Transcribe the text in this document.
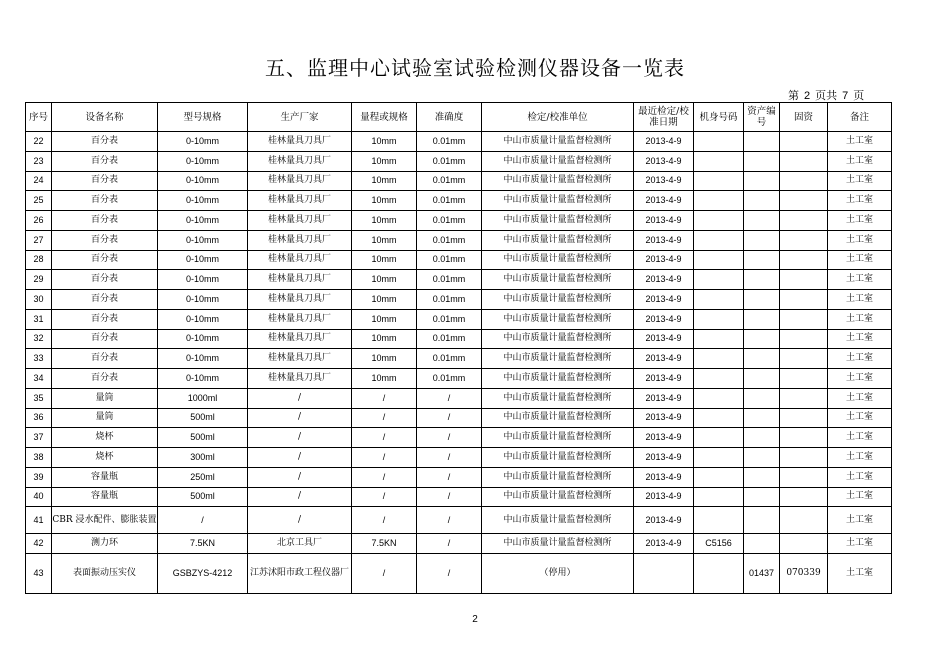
五、监理中心试验室试验检测仪器设备一览表
第 2 页共 7 页
序号	设备名称	型号规格	生产厂家	量程或规格	准确度	检定/校准单位	最近检定/校准日期	机身号码	资产编号	固资	备注
22	百分表	0-10mm	桂林量具刀具厂	10mm	0.01mm	中山市质量计量监督检测所	2013-4-9				土工室
23	百分表	0-10mm	桂林量具刀具厂	10mm	0.01mm	中山市质量计量监督检测所	2013-4-9				土工室
24	百分表	0-10mm	桂林量具刀具厂	10mm	0.01mm	中山市质量计量监督检测所	2013-4-9				土工室
25	百分表	0-10mm	桂林量具刀具厂	10mm	0.01mm	中山市质量计量监督检测所	2013-4-9				土工室
26	百分表	0-10mm	桂林量具刀具厂	10mm	0.01mm	中山市质量计量监督检测所	2013-4-9				土工室
27	百分表	0-10mm	桂林量具刀具厂	10mm	0.01mm	中山市质量计量监督检测所	2013-4-9				土工室
28	百分表	0-10mm	桂林量具刀具厂	10mm	0.01mm	中山市质量计量监督检测所	2013-4-9				土工室
29	百分表	0-10mm	桂林量具刀具厂	10mm	0.01mm	中山市质量计量监督检测所	2013-4-9				土工室
30	百分表	0-10mm	桂林量具刀具厂	10mm	0.01mm	中山市质量计量监督检测所	2013-4-9				土工室
31	百分表	0-10mm	桂林量具刀具厂	10mm	0.01mm	中山市质量计量监督检测所	2013-4-9				土工室
32	百分表	0-10mm	桂林量具刀具厂	10mm	0.01mm	中山市质量计量监督检测所	2013-4-9				土工室
33	百分表	0-10mm	桂林量具刀具厂	10mm	0.01mm	中山市质量计量监督检测所	2013-4-9				土工室
34	百分表	0-10mm	桂林量具刀具厂	10mm	0.01mm	中山市质量计量监督检测所	2013-4-9				土工室
35	量筒	1000ml	/	/	/	中山市质量计量监督检测所	2013-4-9				土工室
36	量筒	500ml	/	/	/	中山市质量计量监督检测所	2013-4-9				土工室
37	烧杯	500ml	/	/	/	中山市质量计量监督检测所	2013-4-9				土工室
38	烧杯	300ml	/	/	/	中山市质量计量监督检测所	2013-4-9				土工室
39	容量瓶	250ml	/	/	/	中山市质量计量监督检测所	2013-4-9				土工室
40	容量瓶	500ml	/	/	/	中山市质量计量监督检测所	2013-4-9				土工室
41	CBR 浸水配件、膨胀装置	/	/	/	/	中山市质量计量监督检测所	2013-4-9				土工室
42	测力环	7.5KN	北京工具厂	7.5KN	/	中山市质量计量监督检测所	2013-4-9	C5156			土工室
43	表面振动压实仪	GSBZYS-4212	江苏沭阳市政工程仪器厂	/	/	（停用）			01437	070339	土工室
2
